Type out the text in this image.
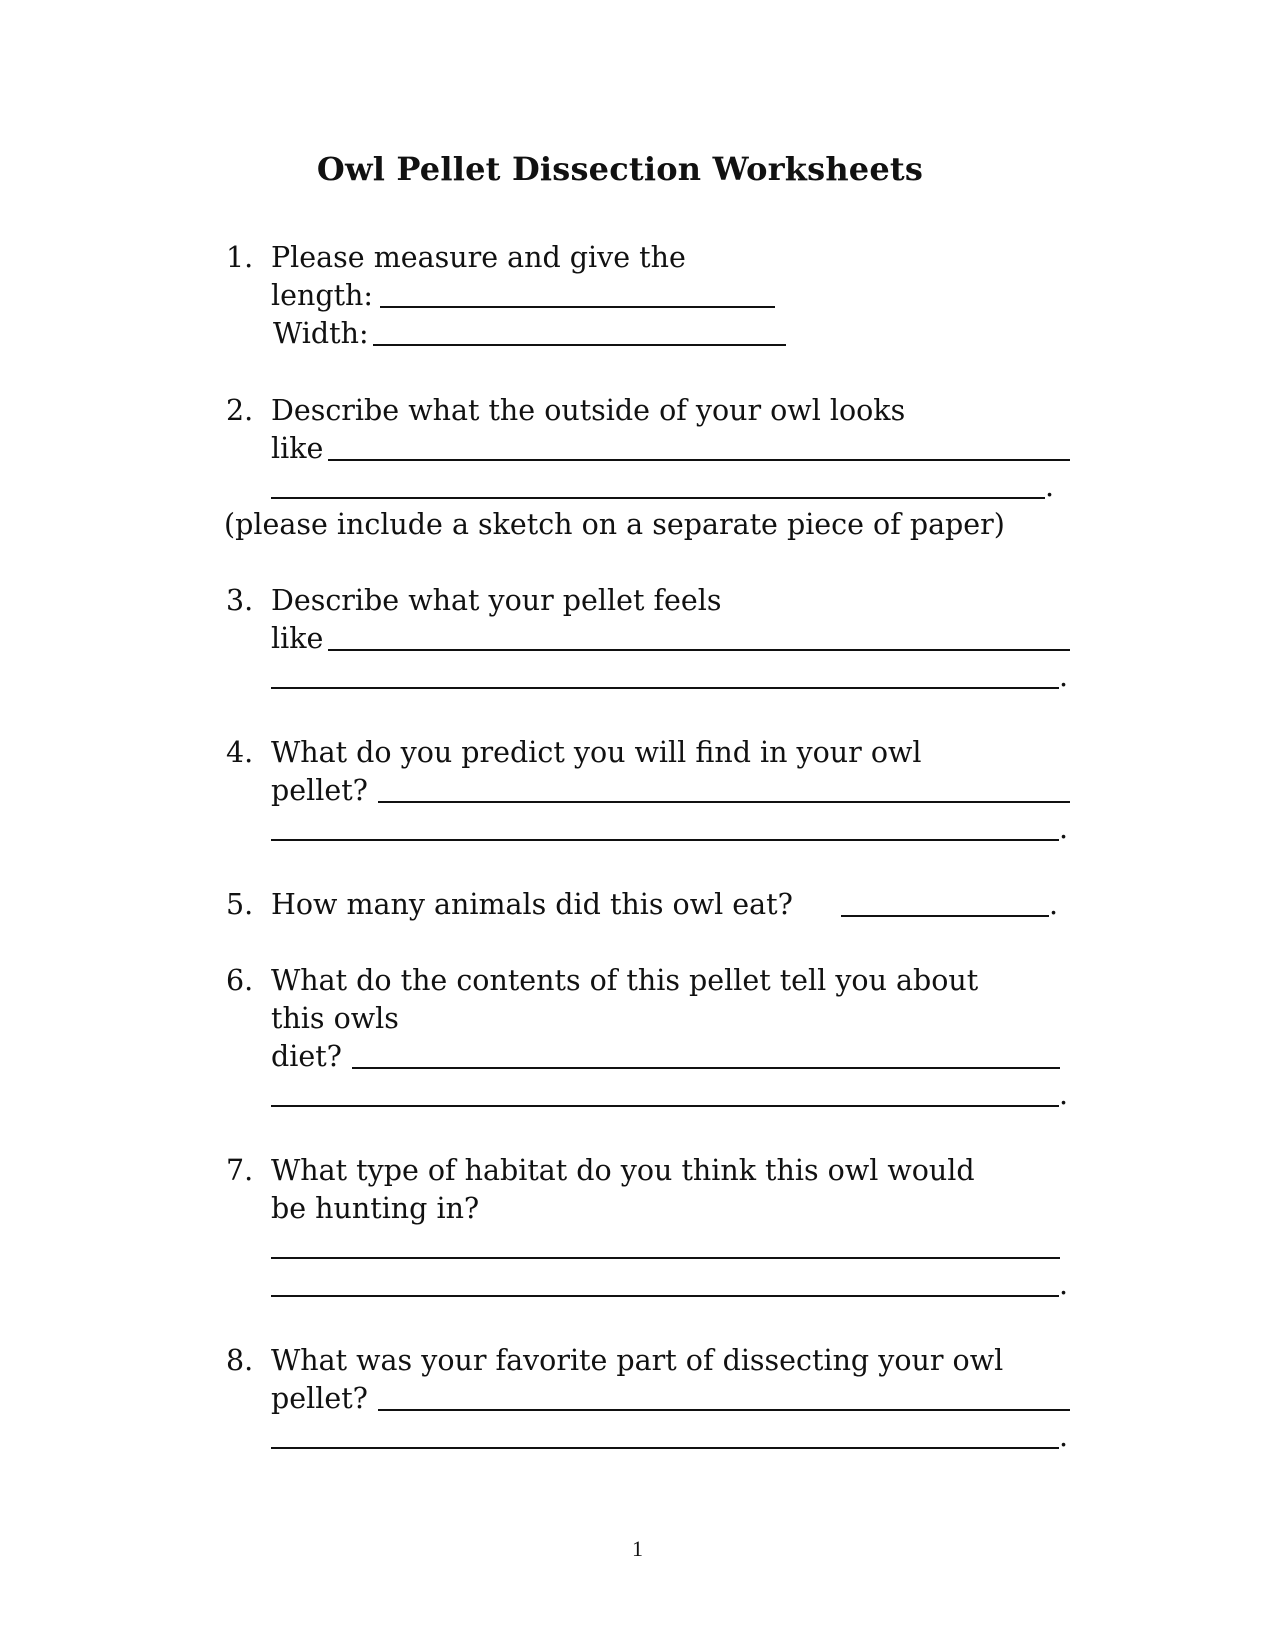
Owl Pellet Dissection Worksheets
1. Please measure and give the
length:
Width:
2. Describe what the outside of your owl looks
like
.
(please include a sketch on a separate piece of paper)
3. Describe what your pellet feels
like
.
4. What do you predict you will find in your owl
pellet?
.
5. How many animals did this owl eat?	.
6. What do the contents of this pellet tell you about
this owls
diet?
.
7. What type of habitat do you think this owl would
be hunting in?
.
8. What was your favorite part of dissecting your owl
pellet?
.
1
